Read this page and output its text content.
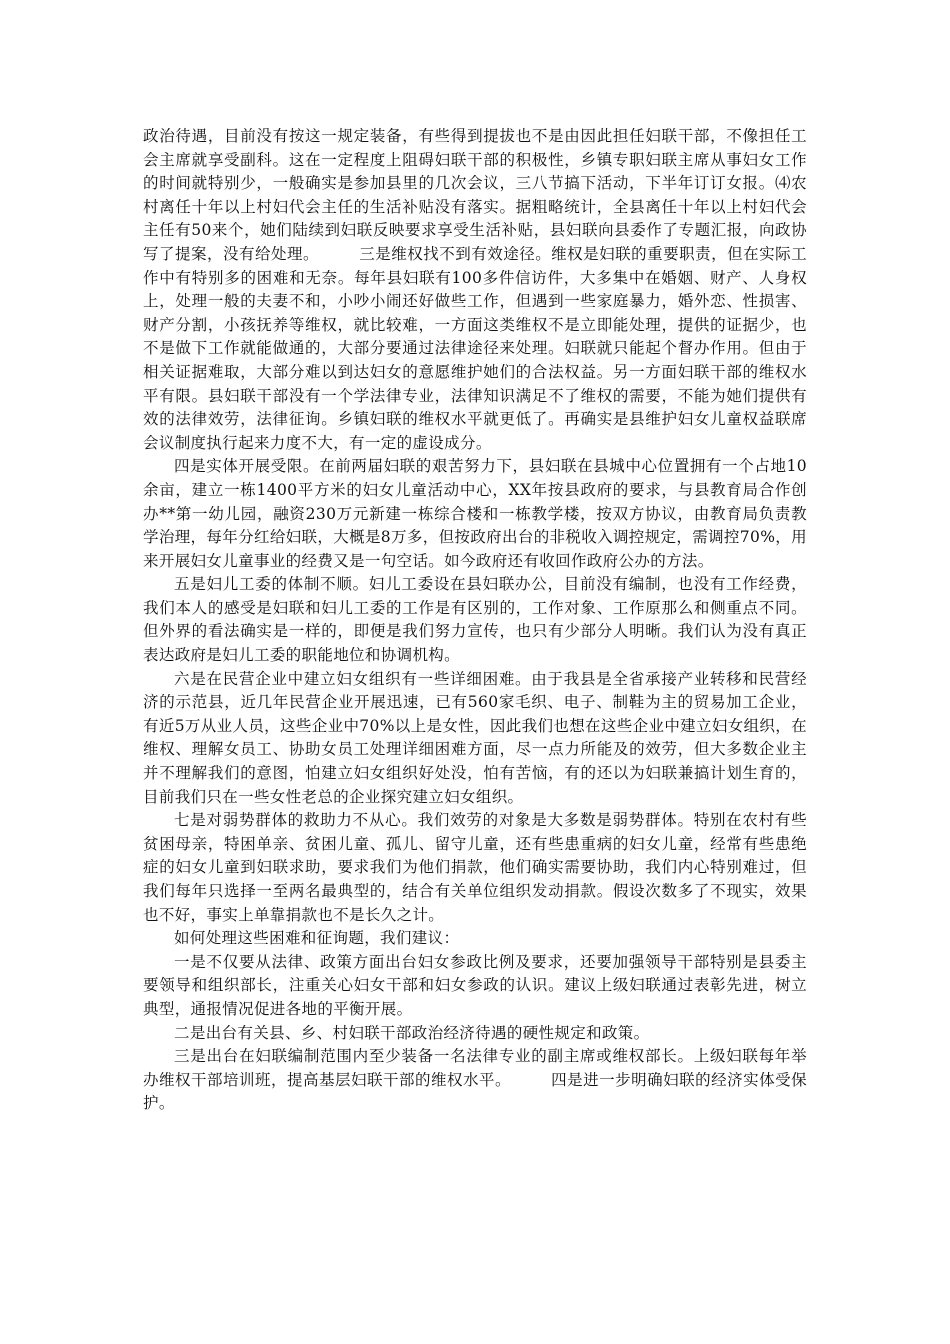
政治待遇，目前没有按这一规定装备，有些得到提拔也不是由因此担任妇联干部，不像担任工会主席就享受副科。这在一定程度上阻碍妇联干部的积极性，乡镇专职妇联主席从事妇女工作的时间就特别少，一般确实是参加县里的几次会议，三八节搞下活动，下半年订订女报。⑷农村离任十年以上村妇代会主任的生活补贴没有落实。据粗略统计，全县离任十年以上村妇代会主任有50来个，她们陆续到妇联反映要求享受生活补贴，县妇联向县委作了专题汇报，向政协写了提案，没有给处理。　　　三是维权找不到有效途径。维权是妇联的重要职责，但在实际工作中有特别多的困难和无奈。每年县妇联有100多件信访件，大多集中在婚姻、财产、人身权上，处理一般的夫妻不和，小吵小闹还好做些工作，但遇到一些家庭暴力，婚外恋、性损害、财产分割，小孩抚养等维权，就比较难，一方面这类维权不是立即能处理，提供的证据少，也不是做下工作就能做通的，大部分要通过法律途径来处理。妇联就只能起个督办作用。但由于相关证据难取，大部分难以到达妇女的意愿维护她们的合法权益。另一方面妇联干部的维权水平有限。县妇联干部没有一个学法律专业，法律知识满足不了维权的需要，不能为她们提供有效的法律效劳，法律征询。乡镇妇联的维权水平就更低了。再确实是县维护妇女儿童权益联席会议制度执行起来力度不大，有一定的虚设成分。

四是实体开展受限。在前两届妇联的艰苦努力下，县妇联在县城中心位置拥有一个占地10余亩，建立一栋1400平方米的妇女儿童活动中心，XX年按县政府的要求，与县教育局合作创办**第一幼儿园，融资230万元新建一栋综合楼和一栋教学楼，按双方协议，由教育局负责教学治理，每年分红给妇联，大概是8万多，但按政府出台的非税收入调控规定，需调控70%，用来开展妇女儿童事业的经费又是一句空话。如今政府还有收回作政府公办的方法。

五是妇儿工委的体制不顺。妇儿工委设在县妇联办公，目前没有编制，也没有工作经费，我们本人的感受是妇联和妇儿工委的工作是有区别的，工作对象、工作原那么和侧重点不同。但外界的看法确实是一样的，即便是我们努力宣传，也只有少部分人明晰。我们认为没有真正表达政府是妇儿工委的职能地位和协调机构。

六是在民营企业中建立妇女组织有一些详细困难。由于我县是全省承接产业转移和民营经济的示范县，近几年民营企业开展迅速，已有560家毛织、电子、制鞋为主的贸易加工企业，有近5万从业人员，这些企业中70%以上是女性，因此我们也想在这些企业中建立妇女组织，在维权、理解女员工、协助女员工处理详细困难方面，尽一点力所能及的效劳，但大多数企业主并不理解我们的意图，怕建立妇女组织好处没，怕有苦恼，有的还以为妇联兼搞计划生育的，目前我们只在一些女性老总的企业探究建立妇女组织。

七是对弱势群体的救助力不从心。我们效劳的对象是大多数是弱势群体。特别在农村有些贫困母亲，特困单亲、贫困儿童、孤儿、留守儿童，还有些患重病的妇女儿童，经常有些患绝症的妇女儿童到妇联求助，要求我们为他们捐款，他们确实需要协助，我们内心特别难过，但我们每年只选择一至两名最典型的，结合有关单位组织发动捐款。假设次数多了不现实，效果也不好，事实上单靠捐款也不是长久之计。

如何处理这些困难和征询题，我们建议：

一是不仅要从法律、政策方面出台妇女参政比例及要求，还要加强领导干部特别是县委主要领导和组织部长，注重关心妇女干部和妇女参政的认识。建议上级妇联通过表彰先进，树立典型，通报情况促进各地的平衡开展。

二是出台有关县、乡、村妇联干部政治经济待遇的硬性规定和政策。

三是出台在妇联编制范围内至少装备一名法律专业的副主席或维权部长。上级妇联每年举办维权干部培训班，提高基层妇联干部的维权水平。　　　四是进一步明确妇联的经济实体受保护。
